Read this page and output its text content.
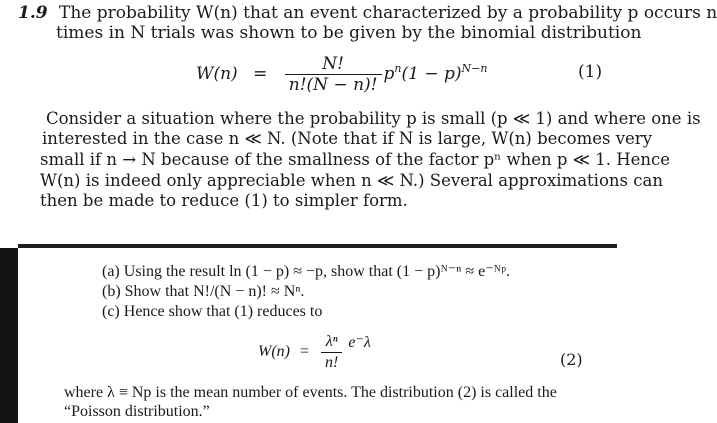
1.9 The probability W(n) that an event characterized by a probability p occurs n
times in N trials was shown to be given by the binomial distribution
$W(n) = \frac{N!}{n!(N - n)!} p^n(1 - p)^{N-n}$	(1)
Consider a situation where the probability p is small (p ≪ 1) and where one is
interested in the case n ≪ N. (Note that if N is large, W(n) becomes very
small if n → N because of the smallness of the factor pⁿ when p ≪ 1. Hence
W(n) is indeed only appreciable when n ≪ N.) Several approximations can
then be made to reduce (1) to simpler form.
(a) Using the result ln (1 − p) ≈ −p, show that (1 − p)ᴺ⁻ⁿ ≈ e⁻ᴺᵖ.
(b) Show that N!/(N − n)! ≈ Nⁿ.
(c) Hence show that (1) reduces to
$W(n) = \frac{\text{λⁿ}}{n!} e^-\lambda$
(2)
where λ ≡ Np is the mean number of events. The distribution (2) is called the
“Poisson distribution.”
